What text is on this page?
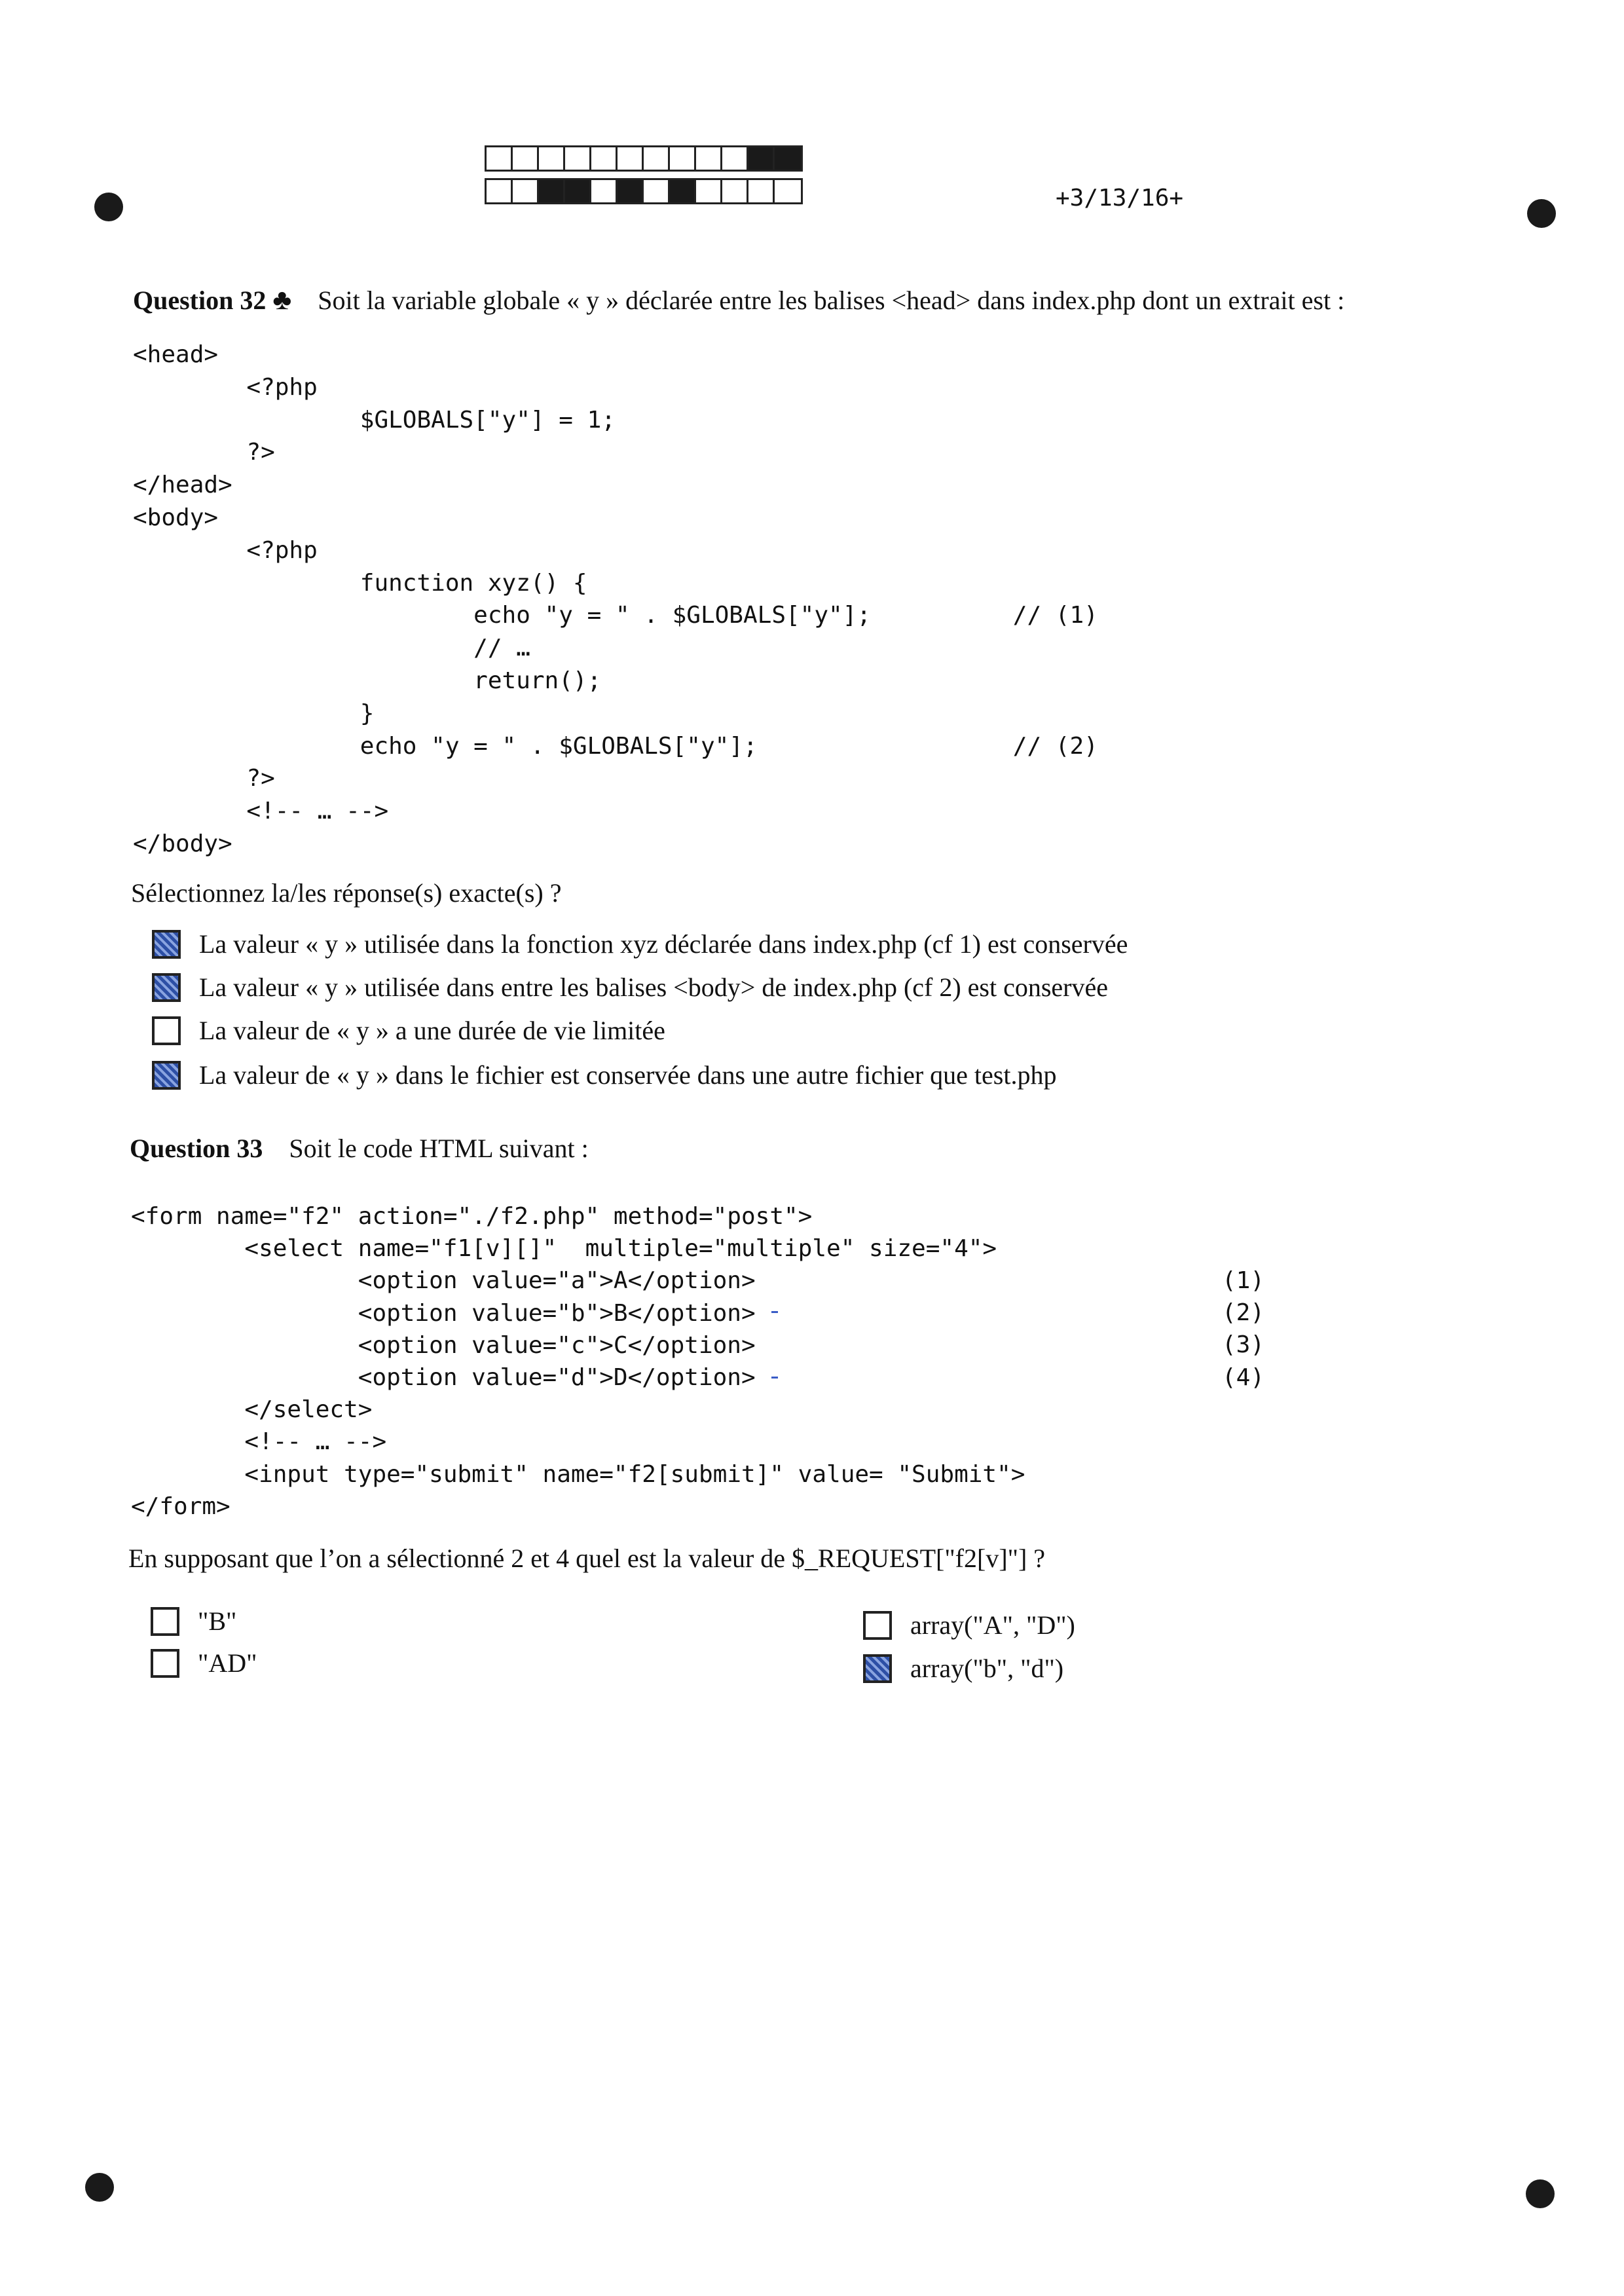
+3/13/16+
Question 32 ♣ Soit la variable globale « y » déclarée entre les balises <head> dans index.php dont un extrait est :
<head>
<?php
$GLOBALS["y"] = 1;
?>
</head>
<body>
<?php
function xyz() {
echo "y = " . $GLOBALS["y"];          // (1)
// …
return();
}
echo "y = " . $GLOBALS["y"];                  // (2)
?>
<!-- … -->
</body>
Sélectionnez la/les réponse(s) exacte(s) ?
La valeur « y » utilisée dans la fonction xyz déclarée dans index.php (cf 1) est conservée
La valeur « y » utilisée dans entre les balises <body> de index.php (cf 2) est conservée
La valeur de « y » a une durée de vie limitée
La valeur de « y » dans le fichier est conservée dans une autre fichier que test.php
Question 33 Soit le code HTML suivant :
<form name="f2" action="./f2.php" method="post">
<select name="f1[v][]"  multiple="multiple" size="4">
<option value="a">A</option>
<option value="b">B</option>
<option value="c">C</option>
<option value="d">D</option>
</select>
<!-- … -->
<input type="submit" name="f2[submit]" value= "Submit">
</form>
(1)
(2)
(3)
(4)
En supposant que l’on a sélectionné 2 et 4 quel est la valeur de $_REQUEST["f2[v]"] ?
"B"
"AD"
array("A", "D")
array("b", "d")
